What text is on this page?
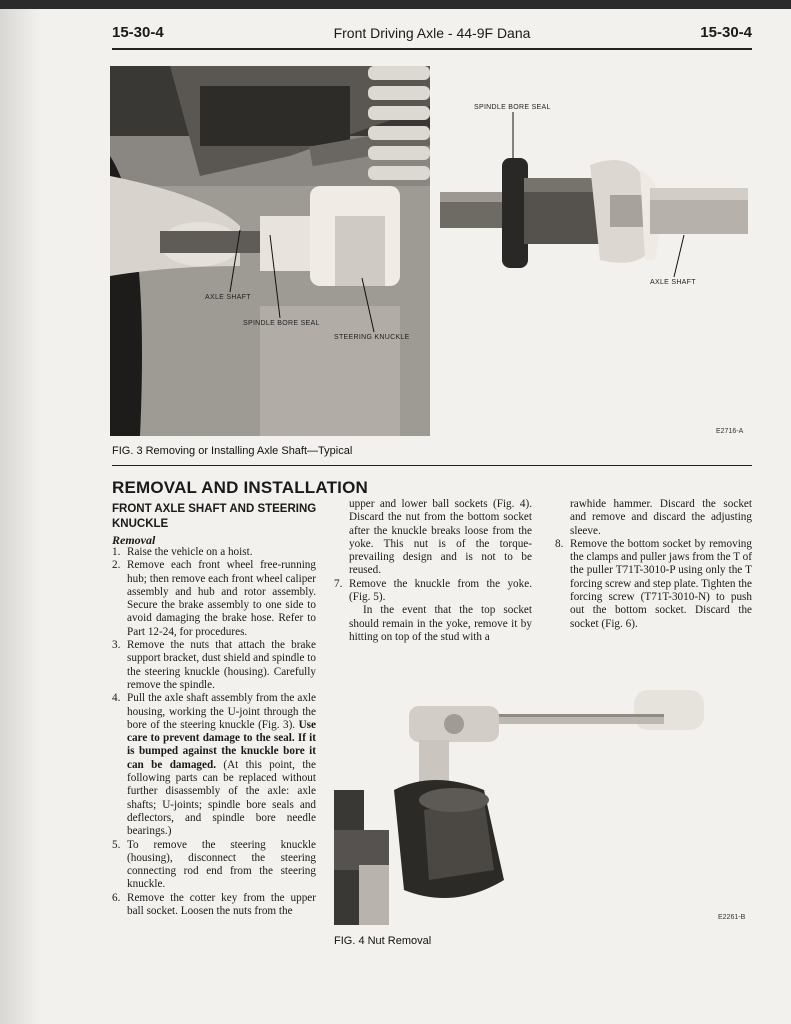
15-30-4	Front Driving Axle - 44-9F Dana	15-30-4
AXLE SHAFT
SPINDLE BORE SEAL
STEERING KNUCKLE
SPINDLE BORE SEAL
AXLE SHAFT
E2716-A
FIG. 3 Removing or Installing Axle Shaft—Typical
REMOVAL AND INSTALLATION
FRONT AXLE SHAFT AND STEERING KNUCKLE
Removal
1. Raise the vehicle on a hoist.
2. Remove each front wheel free-running hub; then remove each front wheel caliper assembly and hub and rotor assembly. Secure the brake assembly to one side to avoid damaging the brake hose. Refer to Part 12-24, for procedures.
3. Remove the nuts that attach the brake support bracket, dust shield and spindle to the steering knuckle (housing). Carefully remove the spindle.
4. Pull the axle shaft assembly from the axle housing, working the U-joint through the bore of the steering knuckle (Fig. 3). Use care to prevent damage to the seal. If it is bumped against the knuckle bore it can be damaged. (At this point, the following parts can be replaced without further disassembly of the axle: axle shafts; U-joints; spindle bore seals and deflectors, and spindle bore needle bearings.)
5. To remove the steering knuckle (housing), disconnect the steering connecting rod end from the steering knuckle.
6. Remove the cotter key from the upper ball socket. Loosen the nuts from the
upper and lower ball sockets (Fig. 4). Discard the nut from the bottom socket after the knuckle breaks loose from the yoke. This nut is of the torque-prevailing design and is not to be reused.
7. Remove the knuckle from the yoke. (Fig. 5).
In the event that the top socket should remain in the yoke, remove it by hitting on top of the stud with a
rawhide hammer. Discard the socket and remove and discard the adjusting sleeve.
8. Remove the bottom socket by removing the clamps and puller jaws from the T of the puller T71T-3010-P using only the T forcing screw and step plate. Tighten the forcing screw (T71T-3010-N) to push out the bottom socket. Discard the socket (Fig. 6).
E2261-B
FIG. 4 Nut Removal
